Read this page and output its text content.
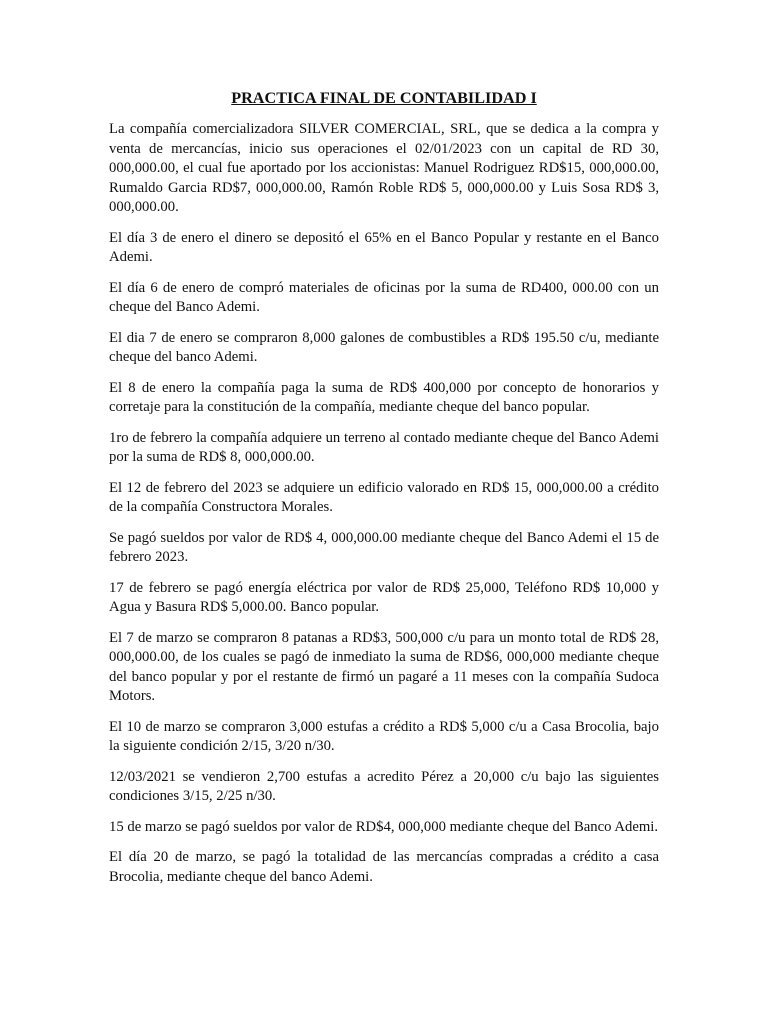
PRACTICA FINAL DE CONTABILIDAD I

La compañía comercializadora SILVER COMERCIAL, SRL, que se dedica a la compra y venta de mercancías, inicio sus operaciones el 02/01/2023 con un capital de RD 30, 000,000.00, el cual fue aportado por los accionistas: Manuel Rodriguez RD$15, 000,000.00, Rumaldo Garcia RD$7, 000,000.00, Ramón Roble RD$ 5, 000,000.00 y Luis Sosa RD$ 3, 000,000.00.

El día 3 de enero el dinero se depositó el 65% en el Banco Popular y restante en el Banco Ademi.

El día 6 de enero de compró materiales de oficinas por la suma de RD400, 000.00 con un cheque del Banco Ademi.

El dia 7 de enero se compraron 8,000 galones de combustibles a RD$ 195.50 c/u, mediante cheque del banco Ademi.

El 8 de enero la compañía paga la suma de RD$ 400,000 por concepto de honorarios y corretaje para la constitución de la compañía, mediante cheque del banco popular.

1ro de febrero la compañía adquiere un terreno al contado mediante cheque del Banco Ademi por la suma de RD$ 8, 000,000.00.

El 12 de febrero del 2023 se adquiere un edificio valorado en RD$ 15, 000,000.00 a crédito de la compañía Constructora Morales.

Se pagó sueldos por valor de RD$ 4, 000,000.00 mediante cheque del Banco Ademi el 15 de febrero 2023.

17 de febrero se pagó energía eléctrica por valor de RD$ 25,000, Teléfono RD$ 10,000 y Agua y Basura RD$ 5,000.00. Banco popular.

El 7 de marzo se compraron 8 patanas a RD$3, 500,000 c/u para un monto total de RD$ 28, 000,000.00, de los cuales se pagó de inmediato la suma de RD$6, 000,000 mediante cheque del banco popular y por el restante de firmó un pagaré a 11 meses con la compañía Sudoca Motors.

El 10 de marzo se compraron 3,000 estufas a crédito a RD$ 5,000 c/u a Casa Brocolia, bajo la siguiente condición 2/15, 3/20 n/30.

12/03/2021 se vendieron 2,700 estufas a acredito Pérez a 20,000 c/u bajo las siguientes condiciones 3/15, 2/25 n/30.

15 de marzo se pagó sueldos por valor de RD$4, 000,000 mediante cheque del Banco Ademi.

El día 20 de marzo, se pagó la totalidad de las mercancías compradas a crédito a casa Brocolia, mediante cheque del banco Ademi.
